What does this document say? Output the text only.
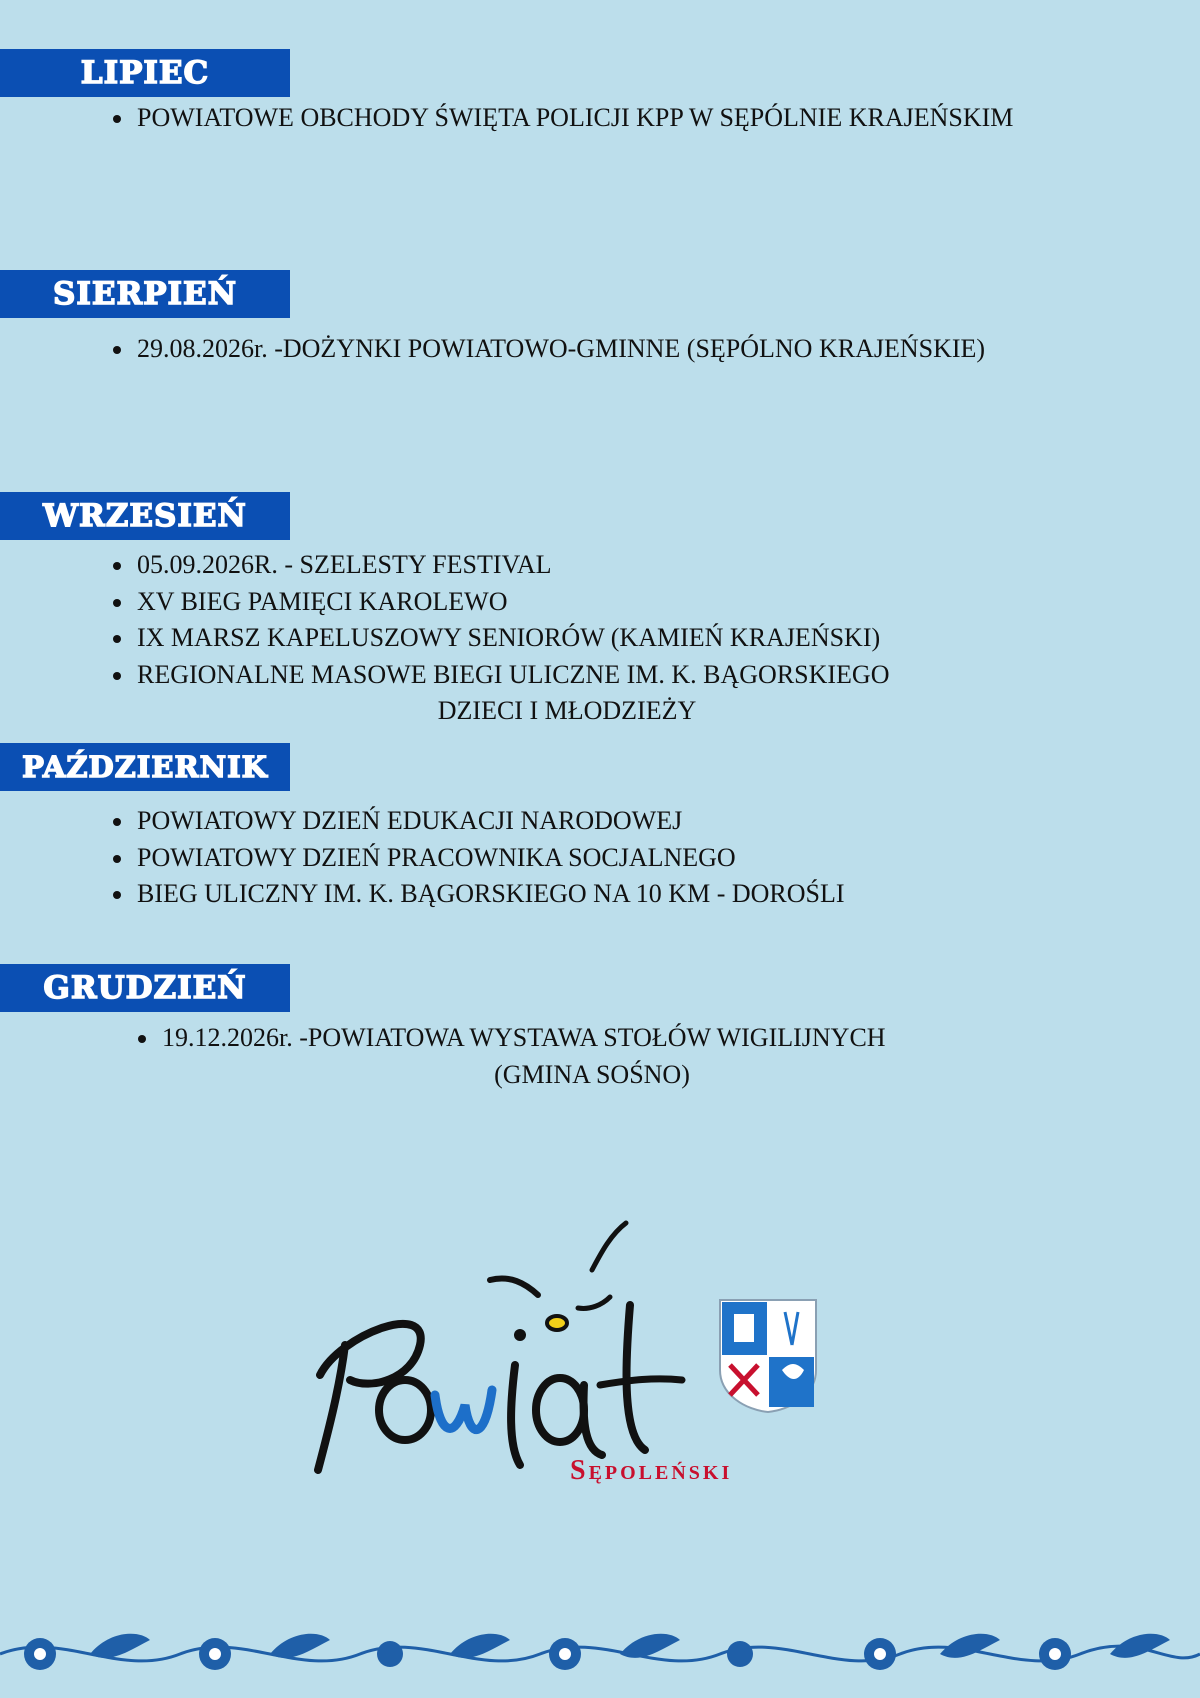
LIPIEC
POWIATOWE OBCHODY ŚWIĘTA POLICJI KPP W SĘPÓLNIE KRAJEŃSKIM
SIERPIEŃ
29.08.2026r. -DOŻYNKI POWIATOWO-GMINNE (SĘPÓLNO KRAJEŃSKIE)
WRZESIEŃ
05.09.2026R. - SZELESTY FESTIVAL
XV BIEG PAMIĘCI KAROLEWO
IX MARSZ KAPELUSZOWY SENIORÓW (KAMIEŃ KRAJEŃSKI)
REGIONALNE MASOWE BIEGI ULICZNE IM. K. BĄGORSKIEGO
DZIECI I MŁODZIEŻY
PAŹDZIERNIK
POWIATOWY DZIEŃ EDUKACJI NARODOWEJ
POWIATOWY DZIEŃ PRACOWNIKA SOCJALNEGO
BIEG ULICZNY IM. K. BĄGORSKIEGO NA 10 KM - DOROŚLI
GRUDZIEŃ
19.12.2026r. -POWIATOWA WYSTAWA STOŁÓW WIGILIJNYCH
(GMINA SOŚNO)
Sępoleński
